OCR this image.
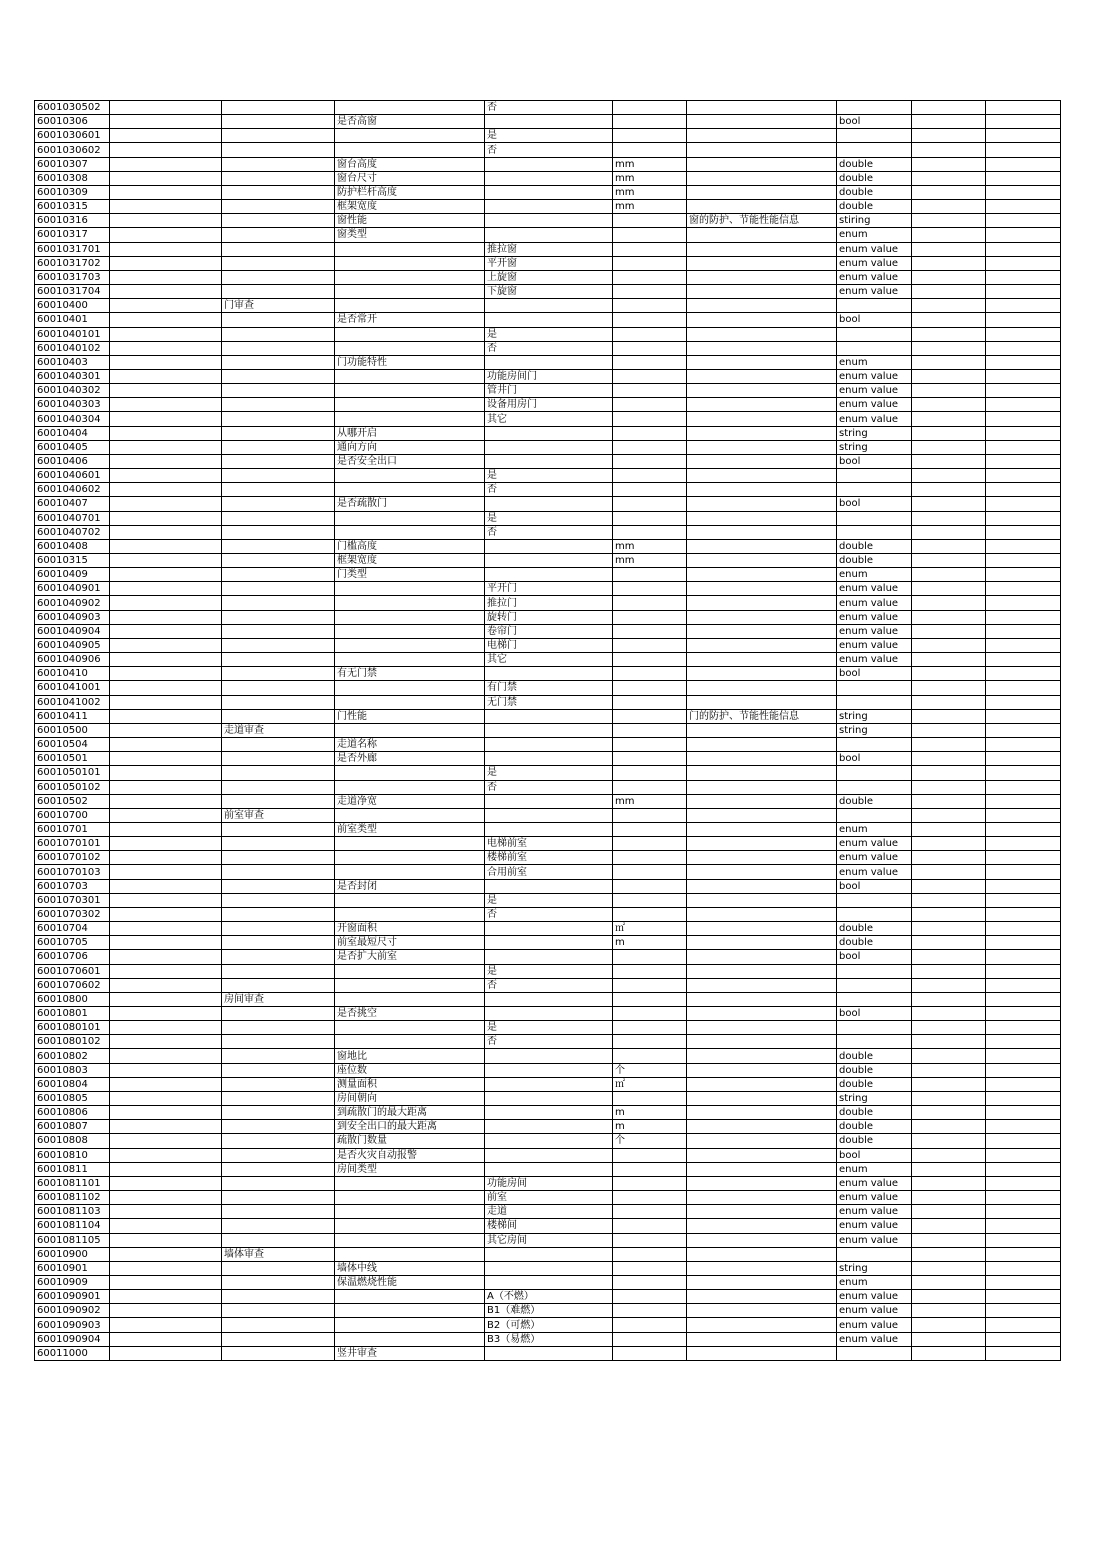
6001030502				否					
60010306			是否高窗				bool		
6001030601				是					
6001030602				否					
60010307			窗台高度		mm		double		
60010308			窗台尺寸		mm		double		
60010309			防护栏杆高度		mm		double		
60010315			框架宽度		mm		double		
60010316			窗性能			窗的防护、节能性能信息	stiring		
60010317			窗类型				enum		
6001031701				推拉窗			enum value		
6001031702				平开窗			enum value		
6001031703				上旋窗			enum value		
6001031704				下旋窗			enum value		
60010400		门审查							
60010401			是否常开				bool		
6001040101				是					
6001040102				否					
60010403			门功能特性				enum		
6001040301				功能房间门			enum value		
6001040302				管井门			enum value		
6001040303				设备用房门			enum value		
6001040304				其它			enum value		
60010404			从哪开启				string		
60010405			通向方向				string		
60010406			是否安全出口				bool		
6001040601				是					
6001040602				否					
60010407			是否疏散门				bool		
6001040701				是					
6001040702				否					
60010408			门槛高度		mm		double		
60010315			框架宽度		mm		double		
60010409			门类型				enum		
6001040901				平开门			enum value		
6001040902				推拉门			enum value		
6001040903				旋转门			enum value		
6001040904				卷帘门			enum value		
6001040905				电梯门			enum value		
6001040906				其它			enum value		
60010410			有无门禁				bool		
6001041001				有门禁					
6001041002				无门禁					
60010411			门性能			门的防护、节能性能信息	string		
60010500		走道审查					string		
60010504			走道名称						
60010501			是否外廊				bool		
6001050101				是					
6001050102				否					
60010502			走道净宽		mm		double		
60010700		前室审查							
60010701			前室类型				enum		
6001070101				电梯前室			enum value		
6001070102				楼梯前室			enum value		
6001070103				合用前室			enum value		
60010703			是否封闭				bool		
6001070301				是					
6001070302				否					
60010704			开窗面积		㎡		double		
60010705			前室最短尺寸		m		double		
60010706			是否扩大前室				bool		
6001070601				是					
6001070602				否					
60010800		房间审查							
60010801			是否挑空				bool		
6001080101				是					
6001080102				否					
60010802			窗地比				double		
60010803			座位数		个		double		
60010804			测量面积		㎡		double		
60010805			房间朝向				string		
60010806			到疏散门的最大距离		m		double		
60010807			到安全出口的最大距离		m		double		
60010808			疏散门数量		个		double		
60010810			是否火灾自动报警				bool		
60010811			房间类型				enum		
6001081101				功能房间			enum value		
6001081102				前室			enum value		
6001081103				走道			enum value		
6001081104				楼梯间			enum value		
6001081105				其它房间			enum value		
60010900		墙体审查							
60010901			墙体中线				string		
60010909			保温燃烧性能				enum		
6001090901				A（不燃）			enum value		
6001090902				B1（难燃）			enum value		
6001090903				B2（可燃）			enum value		
6001090904				B3（易燃）			enum value		
60011000			竖井审查						
